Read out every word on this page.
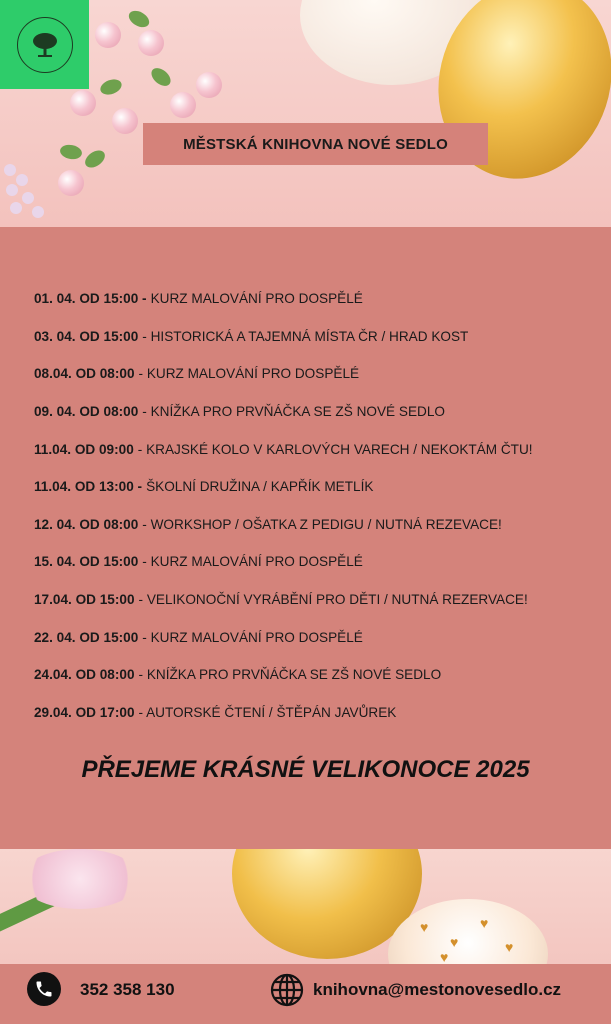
MĚSTSKÁ KNIHOVNA NOVÉ SEDLO
01. 04. OD 15:00 - KURZ MALOVÁNÍ PRO DOSPĚLÉ
03. 04. OD 15:00 - HISTORICKÁ A TAJEMNÁ MÍSTA ČR / HRAD KOST
08.04. OD 08:00 - KURZ MALOVÁNÍ PRO DOSPĚLÉ
09. 04. OD 08:00 - KNÍŽKA PRO PRVŇÁČKA SE ZŠ NOVÉ SEDLO
11.04. OD 09:00 - KRAJSKÉ KOLO V KARLOVÝCH VARECH / NEKOKTÁM ČTU!
11.04. OD 13:00 - ŠKOLNÍ DRUŽINA / KAPŘÍK METLÍK
12. 04. OD 08:00 - WORKSHOP / OŠATKA Z PEDIGU / NUTNÁ REZEVACE!
15. 04. OD 15:00 - KURZ MALOVÁNÍ PRO DOSPĚLÉ
17.04. OD 15:00 - VELIKONOČNÍ VYRÁBĚNÍ PRO DĚTI / NUTNÁ REZERVACE!
22. 04. OD 15:00 - KURZ MALOVÁNÍ PRO DOSPĚLÉ
24.04. OD 08:00 - KNÍŽKA PRO PRVŇÁČKA SE ZŠ NOVÉ SEDLO
29.04. OD 17:00 - AUTORSKÉ ČTENÍ / ŠTĚPÁN JAVŮREK
PŘEJEME KRÁSNÉ VELIKONOCE 2025
♥
♥
♥
♥
♥
352 358 130	knihovna@mestonovesedlo.cz
